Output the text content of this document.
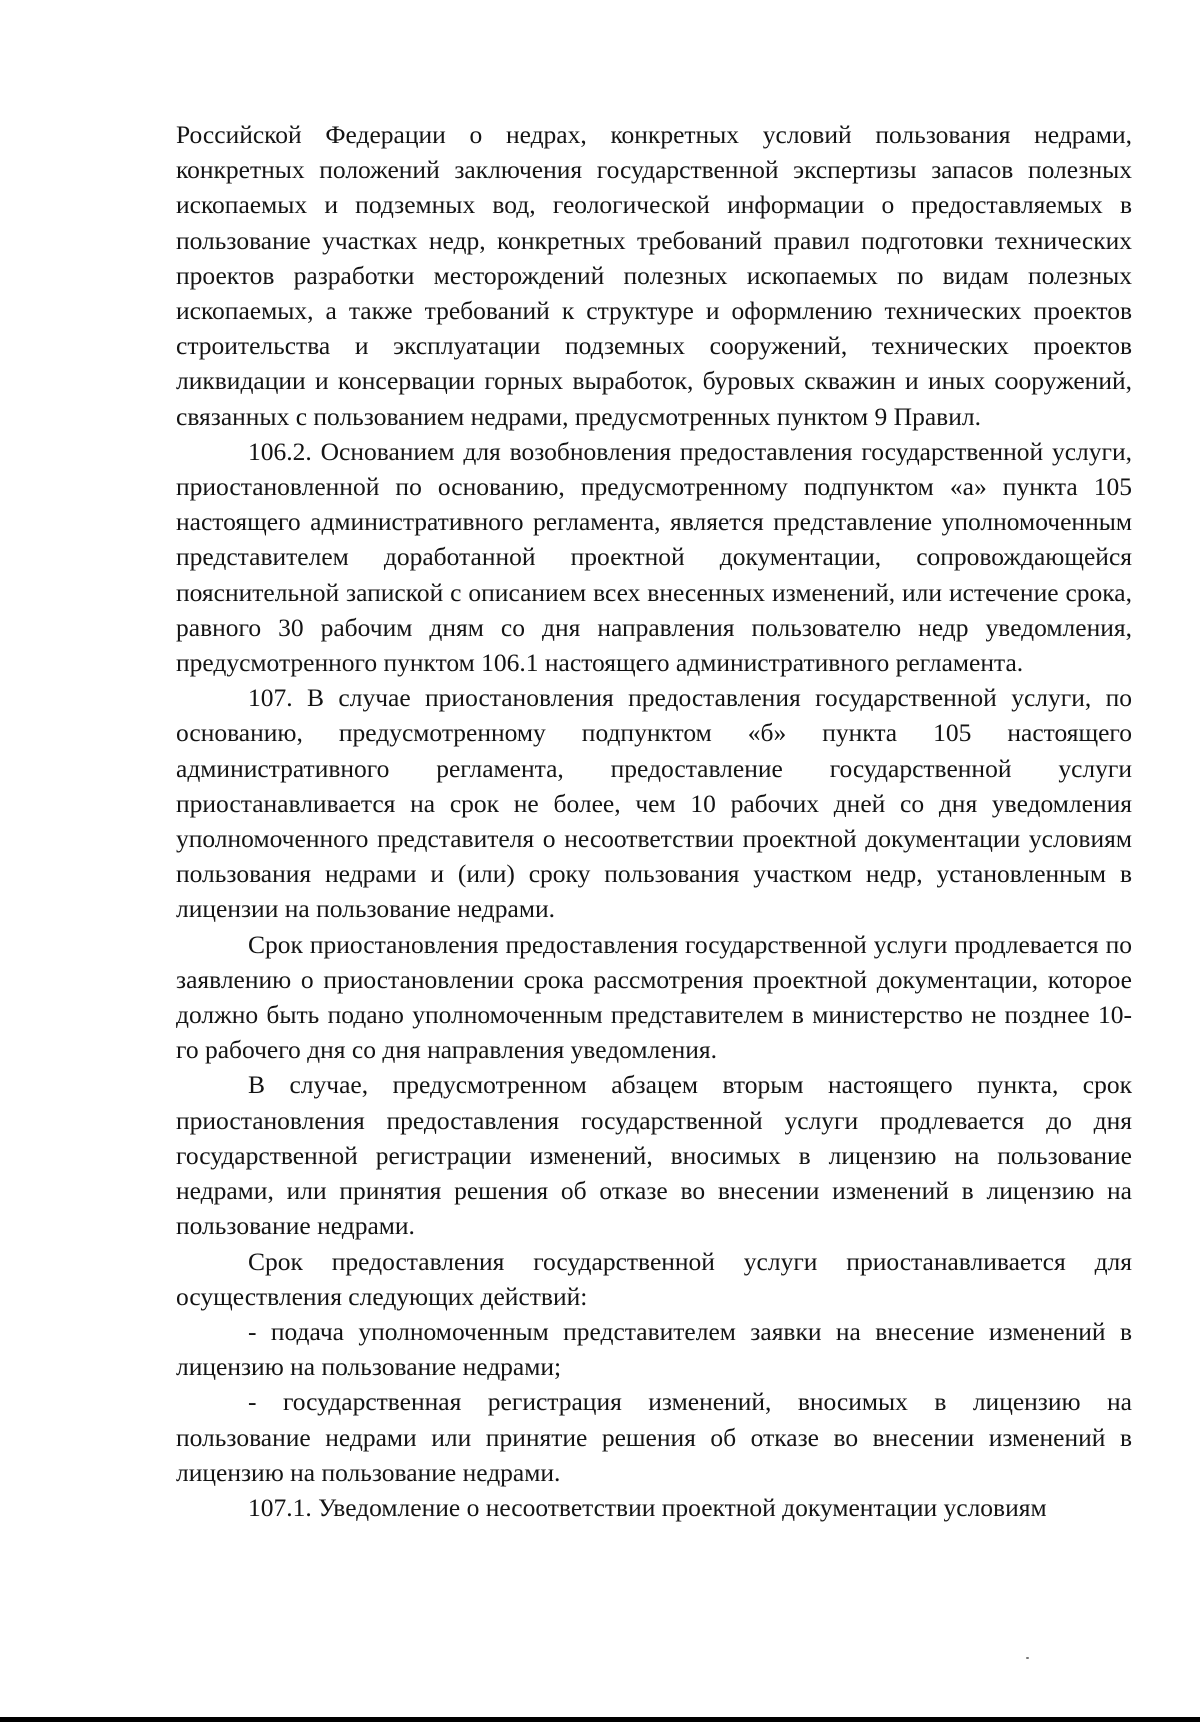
Российской Федерации о недрах, конкретных условий пользования недрами, конкретных положений заключения государственной экспертизы запасов полезных ископаемых и подземных вод, геологической информации о предоставляемых в пользование участках недр, конкретных требований правил подготовки технических проектов разработки месторождений полезных ископаемых по видам полезных ископаемых, а также требований к структуре и оформлению технических проектов строительства и эксплуатации подземных сооружений, технических проектов ликвидации и консервации горных выработок, буровых скважин и иных сооружений, связанных с пользованием недрами, предусмотренных пунктом 9 Правил.

106.2. Основанием для возобновления предоставления государственной услуги, приостановленной по основанию, предусмотренному подпунктом «а» пункта 105 настоящего административного регламента, является представление уполномоченным представителем доработанной проектной документации, сопровождающейся пояснительной запиской с описанием всех внесенных изменений, или истечение срока, равного 30 рабочим дням со дня направления пользователю недр уведомления, предусмотренного пунктом 106.1 настоящего административного регламента.

107. В случае приостановления предоставления государственной услуги, по основанию, предусмотренному подпунктом «б» пункта 105 настоящего административного регламента, предоставление государственной услуги приостанавливается на срок не более, чем 10 рабочих дней со дня уведомления уполномоченного представителя о несоответствии проектной документации условиям пользования недрами и (или) сроку пользования участком недр, установленным в лицензии на пользование недрами.

Срок приостановления предоставления государственной услуги продлевается по заявлению о приостановлении срока рассмотрения проектной документации, которое должно быть подано уполномоченным представителем в министерство не позднее 10-го рабочего дня со дня направления уведомления.

В случае, предусмотренном абзацем вторым настоящего пункта, срок приостановления предоставления государственной услуги продлевается до дня государственной регистрации изменений, вносимых в лицензию на пользование недрами, или принятия решения об отказе во внесении изменений в лицензию на пользование недрами.

Срок предоставления государственной услуги приостанавливается для осуществления следующих действий:

- подача уполномоченным представителем заявки на внесение изменений в лицензию на пользование недрами;

- государственная регистрация изменений, вносимых в лицензию на пользование недрами или принятие решения об отказе во внесении изменений в лицензию на пользование недрами.

107.1. Уведомление о несоответствии проектной документации условиям
